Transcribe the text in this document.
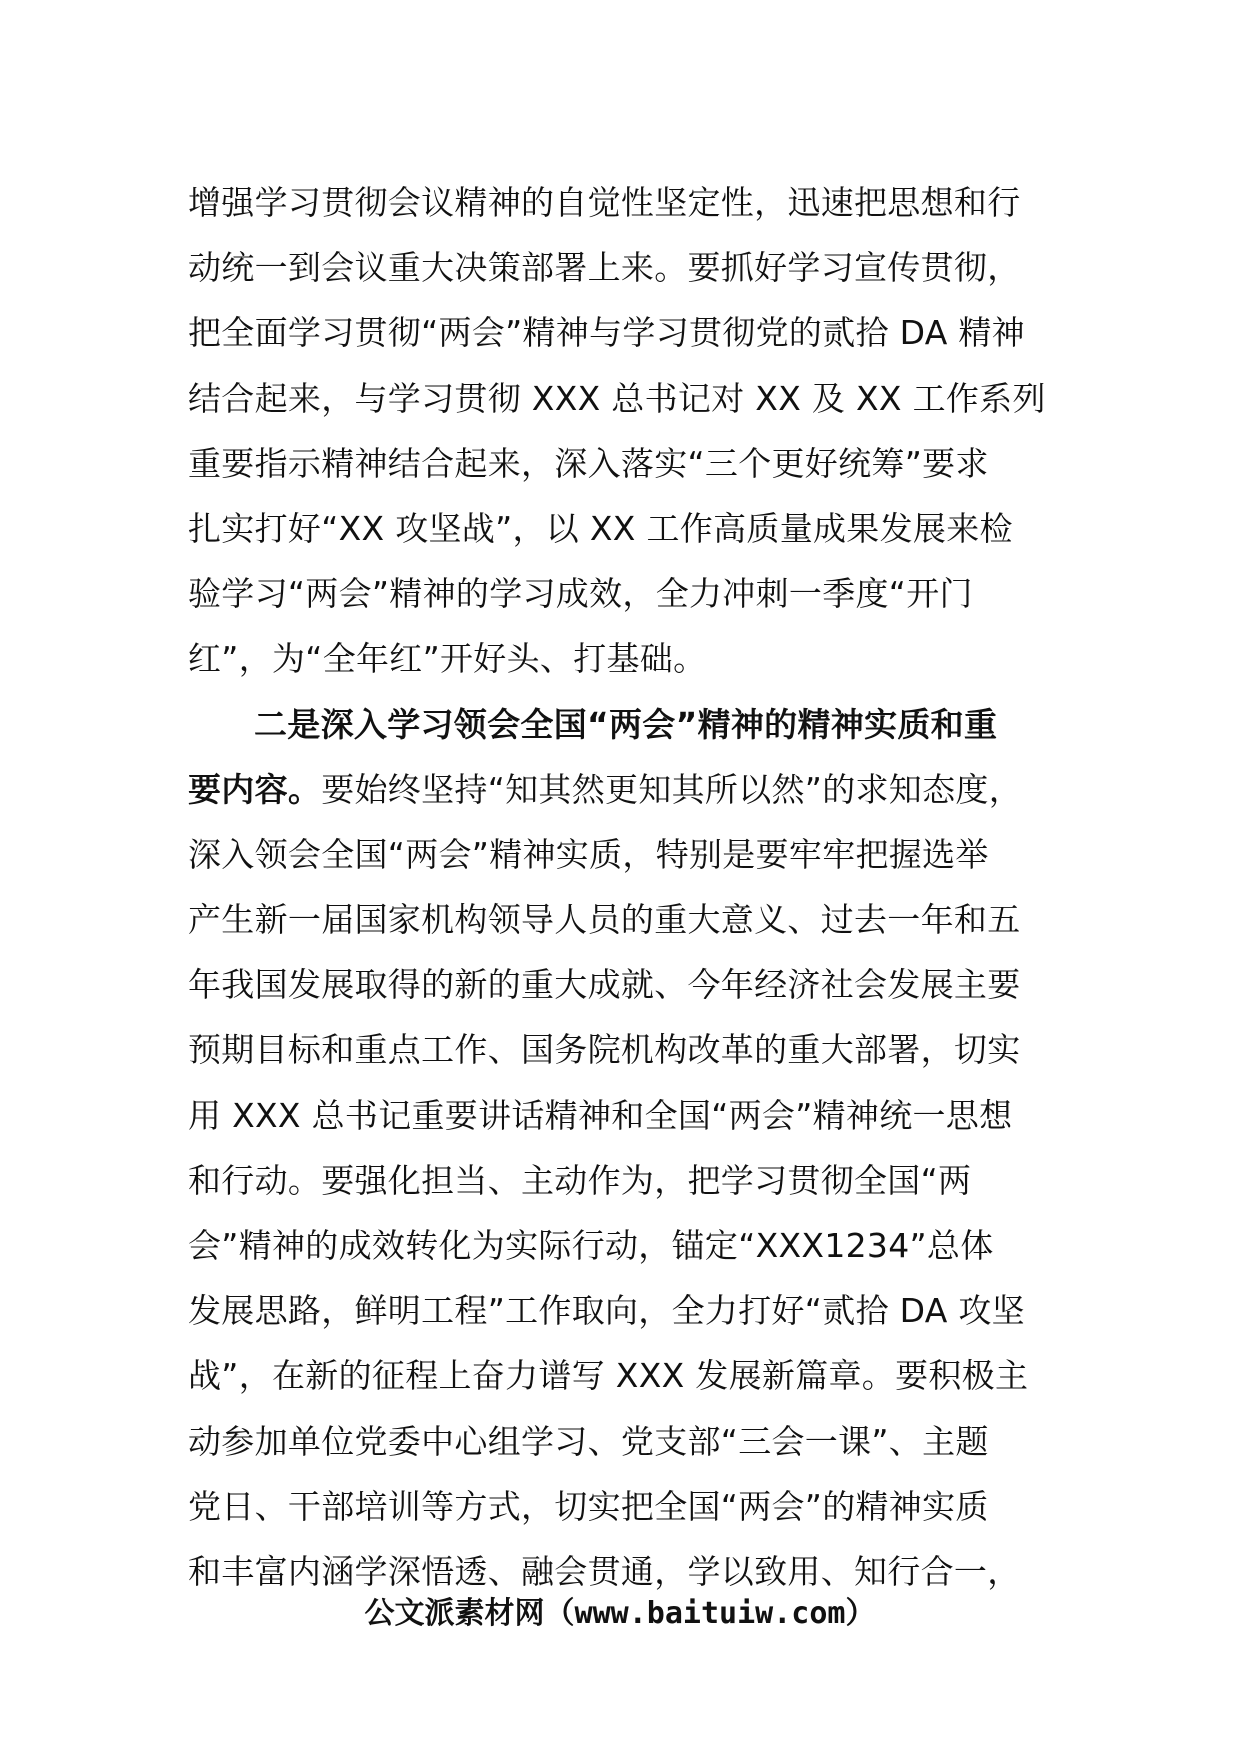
增强学习贯彻会议精神的自觉性坚定性，迅速把思想和行
动统一到会议重大决策部署上来。要抓好学习宣传贯彻，
把全面学习贯彻“两会”精神与学习贯彻党的贰拾 DA 精神
结合起来，与学习贯彻 XXX 总书记对 XX 及 XX 工作系列
重要指示精神结合起来，深入落实“三个更好统筹”要求
扎实打好“XX 攻坚战”，以 XX 工作高质量成果发展来检
验学习“两会”精神的学习成效，全力冲刺一季度“开门
红”，为“全年红”开好头、打基础。
二是深入学习领会全国“两会”精神的精神实质和重
要内容。要始终坚持“知其然更知其所以然”的求知态度，
深入领会全国“两会”精神实质，特别是要牢牢把握选举
产生新一届国家机构领导人员的重大意义、过去一年和五
年我国发展取得的新的重大成就、今年经济社会发展主要
预期目标和重点工作、国务院机构改革的重大部署，切实
用 XXX 总书记重要讲话精神和全国“两会”精神统一思想
和行动。要强化担当、主动作为，把学习贯彻全国“两
会”精神的成效转化为实际行动，锚定“XXX1234”总体
发展思路，鲜明工程”工作取向，全力打好“贰拾 DA 攻坚
战”，在新的征程上奋力谱写 XXX 发展新篇章。要积极主
动参加单位党委中心组学习、党支部“三会一课”、主题
党日、干部培训等方式，切实把全国“两会”的精神实质
和丰富内涵学深悟透、融会贯通，学以致用、知行合一，
公文派素材网（www.baituiw.com）
